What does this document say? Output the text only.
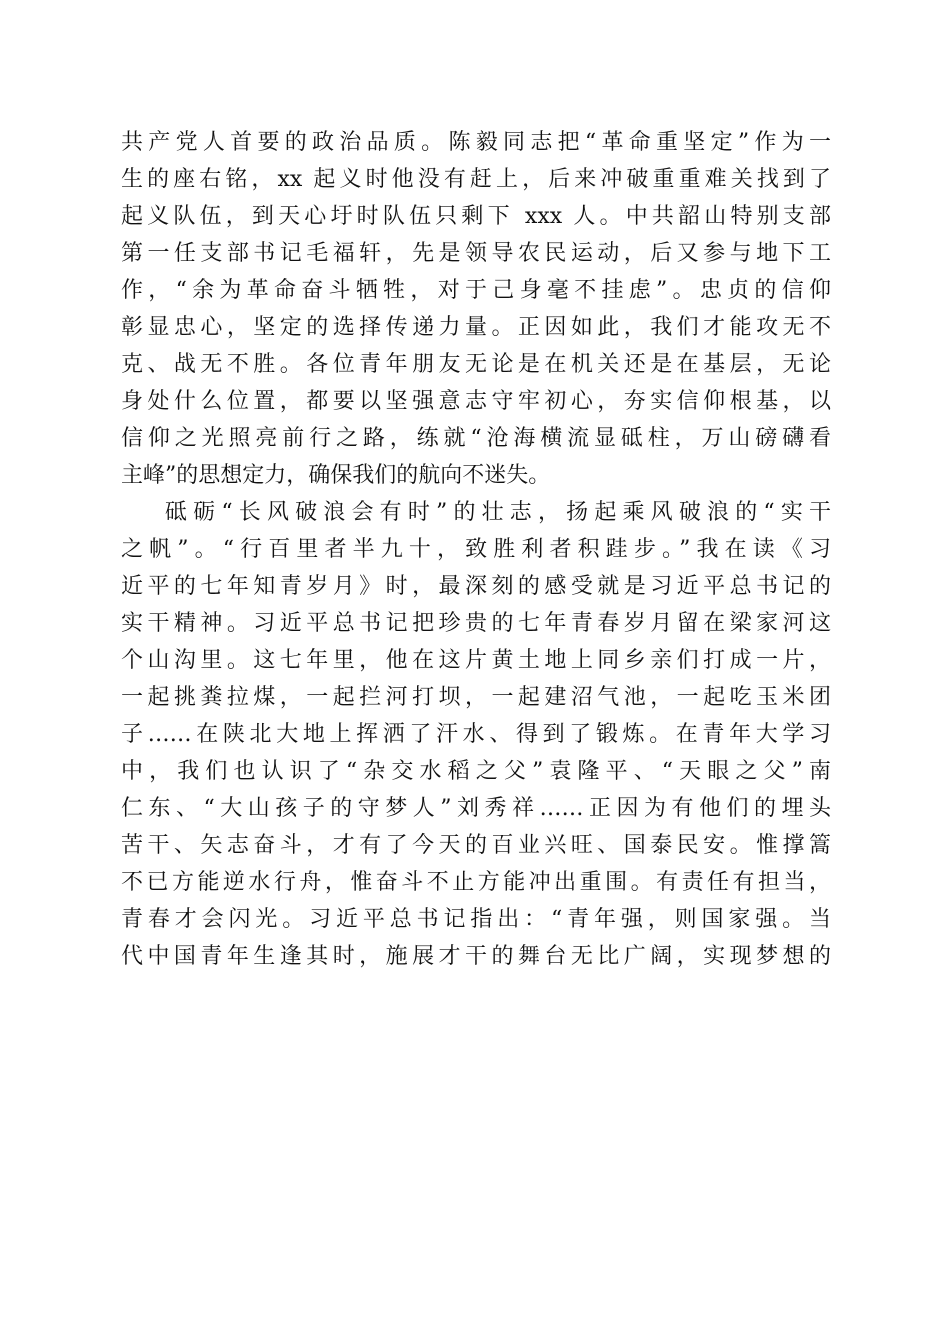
共产党人首要的政治品质。陈毅同志把“革命重坚定”作为一
生的座右铭，xx 起义时他没有赶上，后来冲破重重难关找到了
起义队伍，到天心圩时队伍只剩下 xxx 人。中共韶山特别支部
第一任支部书记毛福轩，先是领导农民运动，后又参与地下工
作，“余为革命奋斗牺牲，对于己身毫不挂虑”。忠贞的信仰
彰显忠心，坚定的选择传递力量。正因如此，我们才能攻无不
克、战无不胜。各位青年朋友无论是在机关还是在基层，无论
身处什么位置，都要以坚强意志守牢初心，夯实信仰根基，以
信仰之光照亮前行之路，练就“沧海横流显砥柱，万山磅礴看
主峰”的思想定力，确保我们的航向不迷失。
砥砺“长风破浪会有时”的壮志，扬起乘风破浪的“实干
之帆”。“行百里者半九十，致胜利者积跬步。”我在读《习
近平的七年知青岁月》时，最深刻的感受就是习近平总书记的
实干精神。习近平总书记把珍贵的七年青春岁月留在梁家河这
个山沟里。这七年里，他在这片黄土地上同乡亲们打成一片，
一起挑粪拉煤，一起拦河打坝，一起建沼气池，一起吃玉米团
子……在陕北大地上挥洒了汗水、得到了锻炼。在青年大学习
中，我们也认识了“杂交水稻之父”袁隆平、“天眼之父”南
仁东、“大山孩子的守梦人”刘秀祥……正因为有他们的埋头
苦干、矢志奋斗，才有了今天的百业兴旺、国泰民安。惟撑篙
不已方能逆水行舟，惟奋斗不止方能冲出重围。有责任有担当，
青春才会闪光。习近平总书记指出：“青年强，则国家强。当
代中国青年生逢其时，施展才干的舞台无比广阔，实现梦想的
